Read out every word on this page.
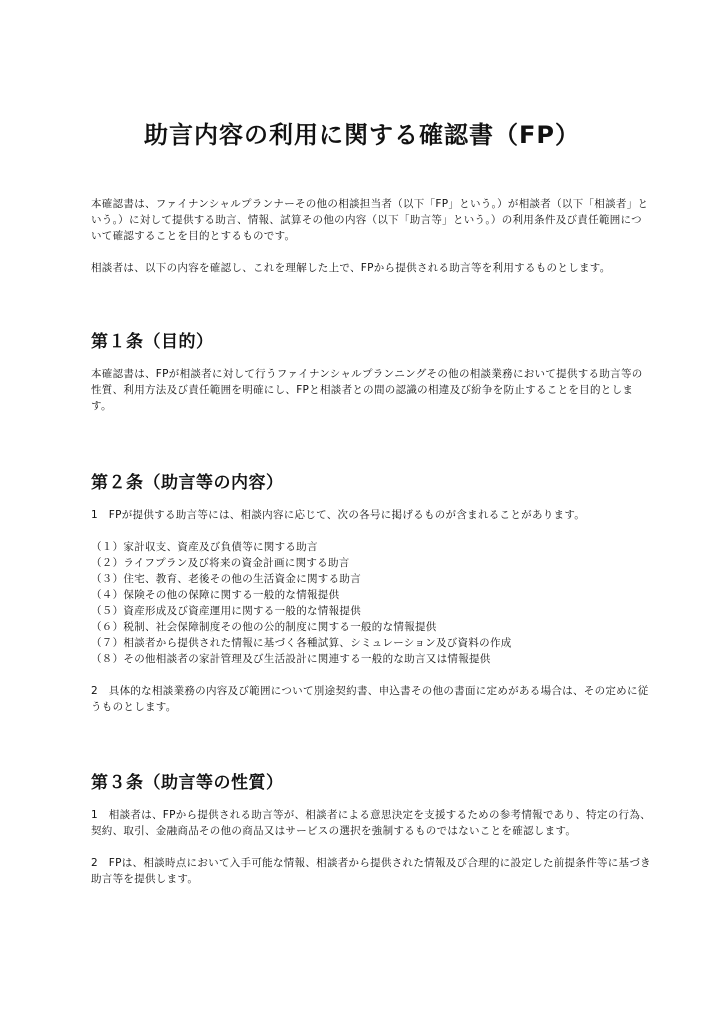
助言内容の利用に関する確認書（FP）

本確認書は、ファイナンシャルプランナーその他の相談担当者（以下「FP」という。）が相談者（以下「相談者」という。）に対して提供する助言、情報、試算その他の内容（以下「助言等」という。）の利用条件及び責任範囲について確認することを目的とするものです。

相談者は、以下の内容を確認し、これを理解した上で、FPから提供される助言等を利用するものとします。

第１条（目的）

本確認書は、FPが相談者に対して行うファイナンシャルプランニングその他の相談業務において提供する助言等の性質、利用方法及び責任範囲を明確にし、FPと相談者との間の認識の相違及び紛争を防止することを目的とします。

第２条（助言等の内容）

1　FPが提供する助言等には、相談内容に応じて、次の各号に掲げるものが含まれることがあります。

（１）家計収支、資産及び負債等に関する助言
（２）ライフプラン及び将来の資金計画に関する助言
（３）住宅、教育、老後その他の生活資金に関する助言
（４）保険その他の保障に関する一般的な情報提供
（５）資産形成及び資産運用に関する一般的な情報提供
（６）税制、社会保障制度その他の公的制度に関する一般的な情報提供
（７）相談者から提供された情報に基づく各種試算、シミュレーション及び資料の作成
（８）その他相談者の家計管理及び生活設計に関連する一般的な助言又は情報提供

2　具体的な相談業務の内容及び範囲について別途契約書、申込書その他の書面に定めがある場合は、その定めに従うものとします。

第３条（助言等の性質）

1　相談者は、FPから提供される助言等が、相談者による意思決定を支援するための参考情報であり、特定の行為、契約、取引、金融商品その他の商品又はサービスの選択を強制するものではないことを確認します。

2　FPは、相談時点において入手可能な情報、相談者から提供された情報及び合理的に設定した前提条件等に基づき助言等を提供します。
